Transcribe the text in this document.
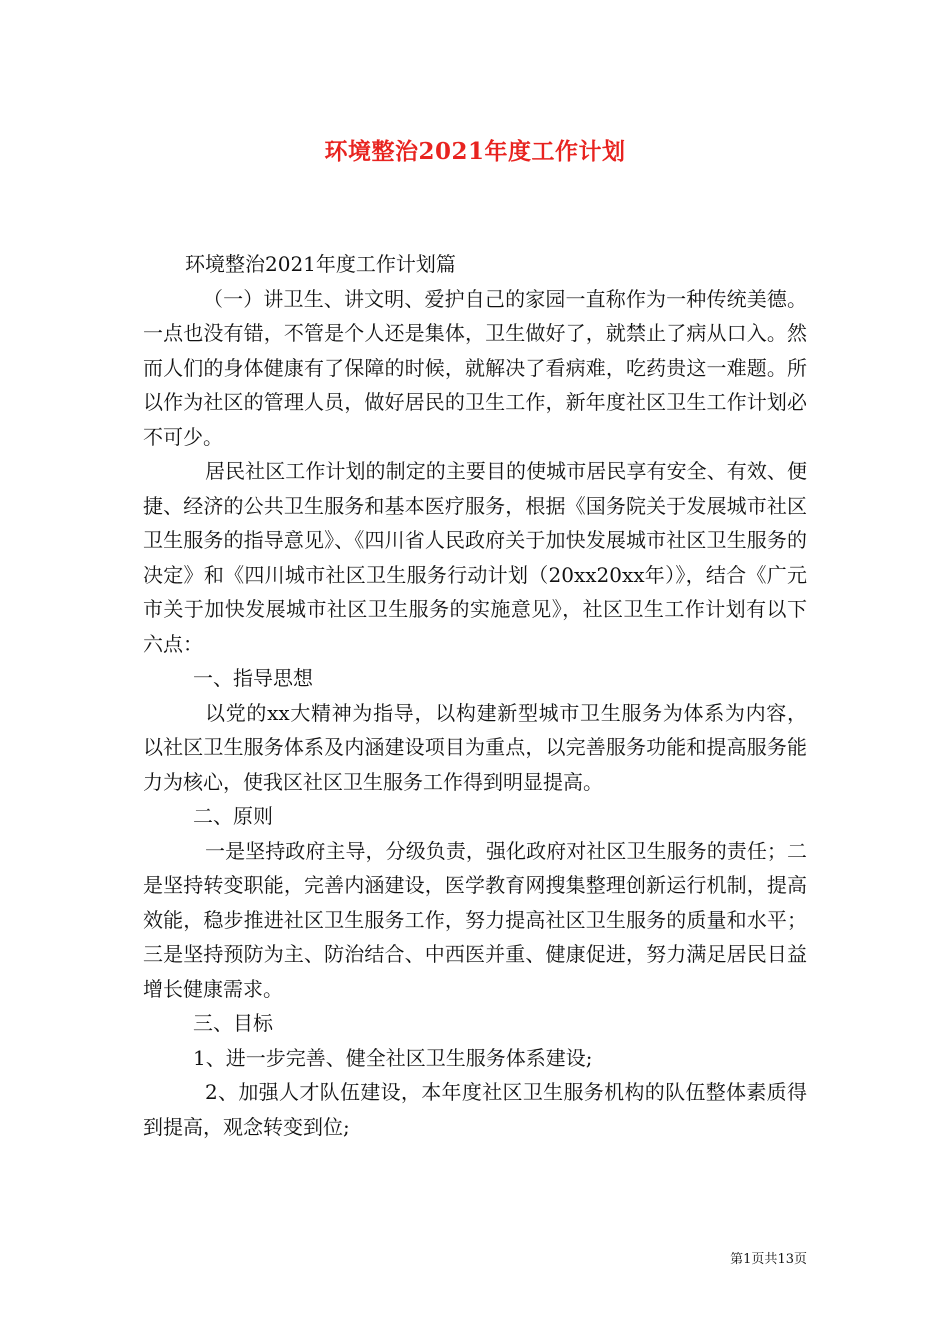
环境整治2021年度工作计划

环境整治2021年度工作计划篇

（一）讲卫生、讲文明、爱护自己的家园一直称作为一种传统美德。一点也没有错，不管是个人还是集体，卫生做好了，就禁止了病从口入。然而人们的身体健康有了保障的时候，就解决了看病难，吃药贵这一难题。所以作为社区的管理人员，做好居民的卫生工作，新年度社区卫生工作计划必不可少。

居民社区工作计划的制定的主要目的使城市居民享有安全、有效、便捷、经济的公共卫生服务和基本医疗服务，根据《国务院关于发展城市社区卫生服务的指导意见》、《四川省人民政府关于加快发展城市社区卫生服务的决定》和《四川城市社区卫生服务行动计划（20xx20xx年）》，结合《广元市关于加快发展城市社区卫生服务的实施意见》，社区卫生工作计划有以下六点：

一、指导思想

以党的xx大精神为指导，以构建新型城市卫生服务为体系为内容，以社区卫生服务体系及内涵建设项目为重点，以完善服务功能和提高服务能力为核心，使我区社区卫生服务工作得到明显提高。

二、原则

一是坚持政府主导，分级负责，强化政府对社区卫生服务的责任；二是坚持转变职能，完善内涵建设，医学教育网搜集整理创新运行机制，提高效能，稳步推进社区卫生服务工作，努力提高社区卫生服务的质量和水平；三是坚持预防为主、防治结合、中西医并重、健康促进，努力满足居民日益增长健康需求。

三、目标

1、进一步完善、健全社区卫生服务体系建设;

2、加强人才队伍建设，本年度社区卫生服务机构的队伍整体素质得到提高，观念转变到位;

第1页共13页
